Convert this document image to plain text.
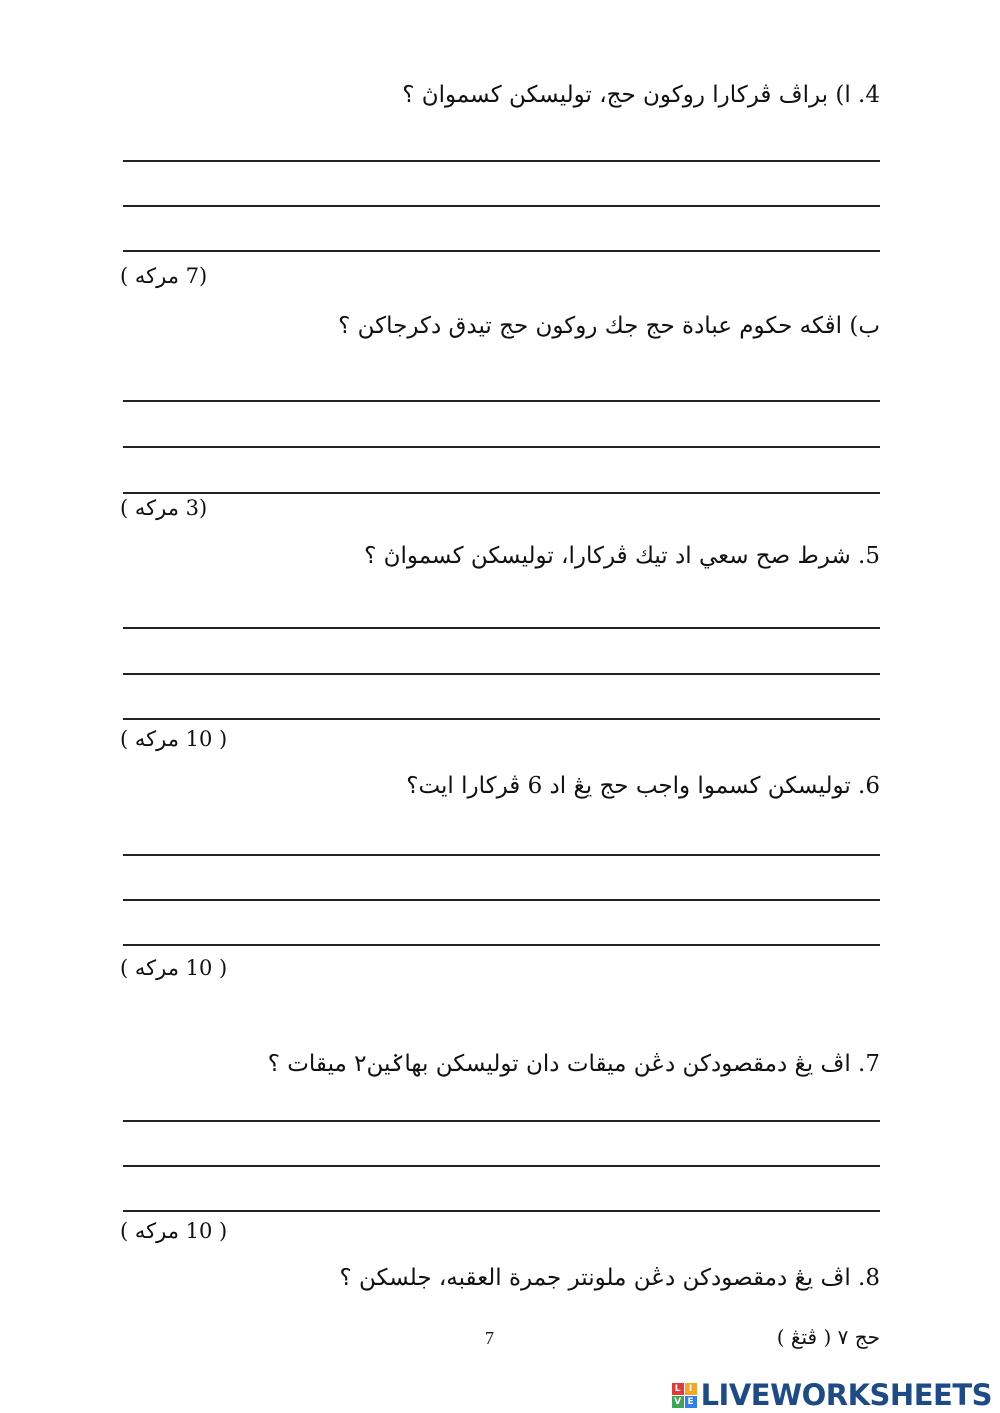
4. ا) براڤ ڤركارا روكون حج، توليسكن كسمواڽ ؟
(7 مركه )
ب) اڤكه حكوم عبادة حج جك روكون حج تيدق دكرجاكن ؟
(3 مركه )
5. شرط صح سعي اد تيك ڤركارا، توليسكن كسمواڽ ؟
( 10 مركه )
6. توليسكن كسموا واجب حج يڠ اد 6 ڤركارا ايت؟
( 10 مركه )
7. اڤ يڠ دمقصودكن دڠن ميقات دان توليسكن بهاݢين٢ ميقات ؟
( 10 مركه )
8. اڤ يڠ دمقصودكن دڠن ملونتر جمرة العقبه، جلسكن ؟
7	حج ٧ ( ڤتڠ )
L I
V E LIVEWORKSHEETS
